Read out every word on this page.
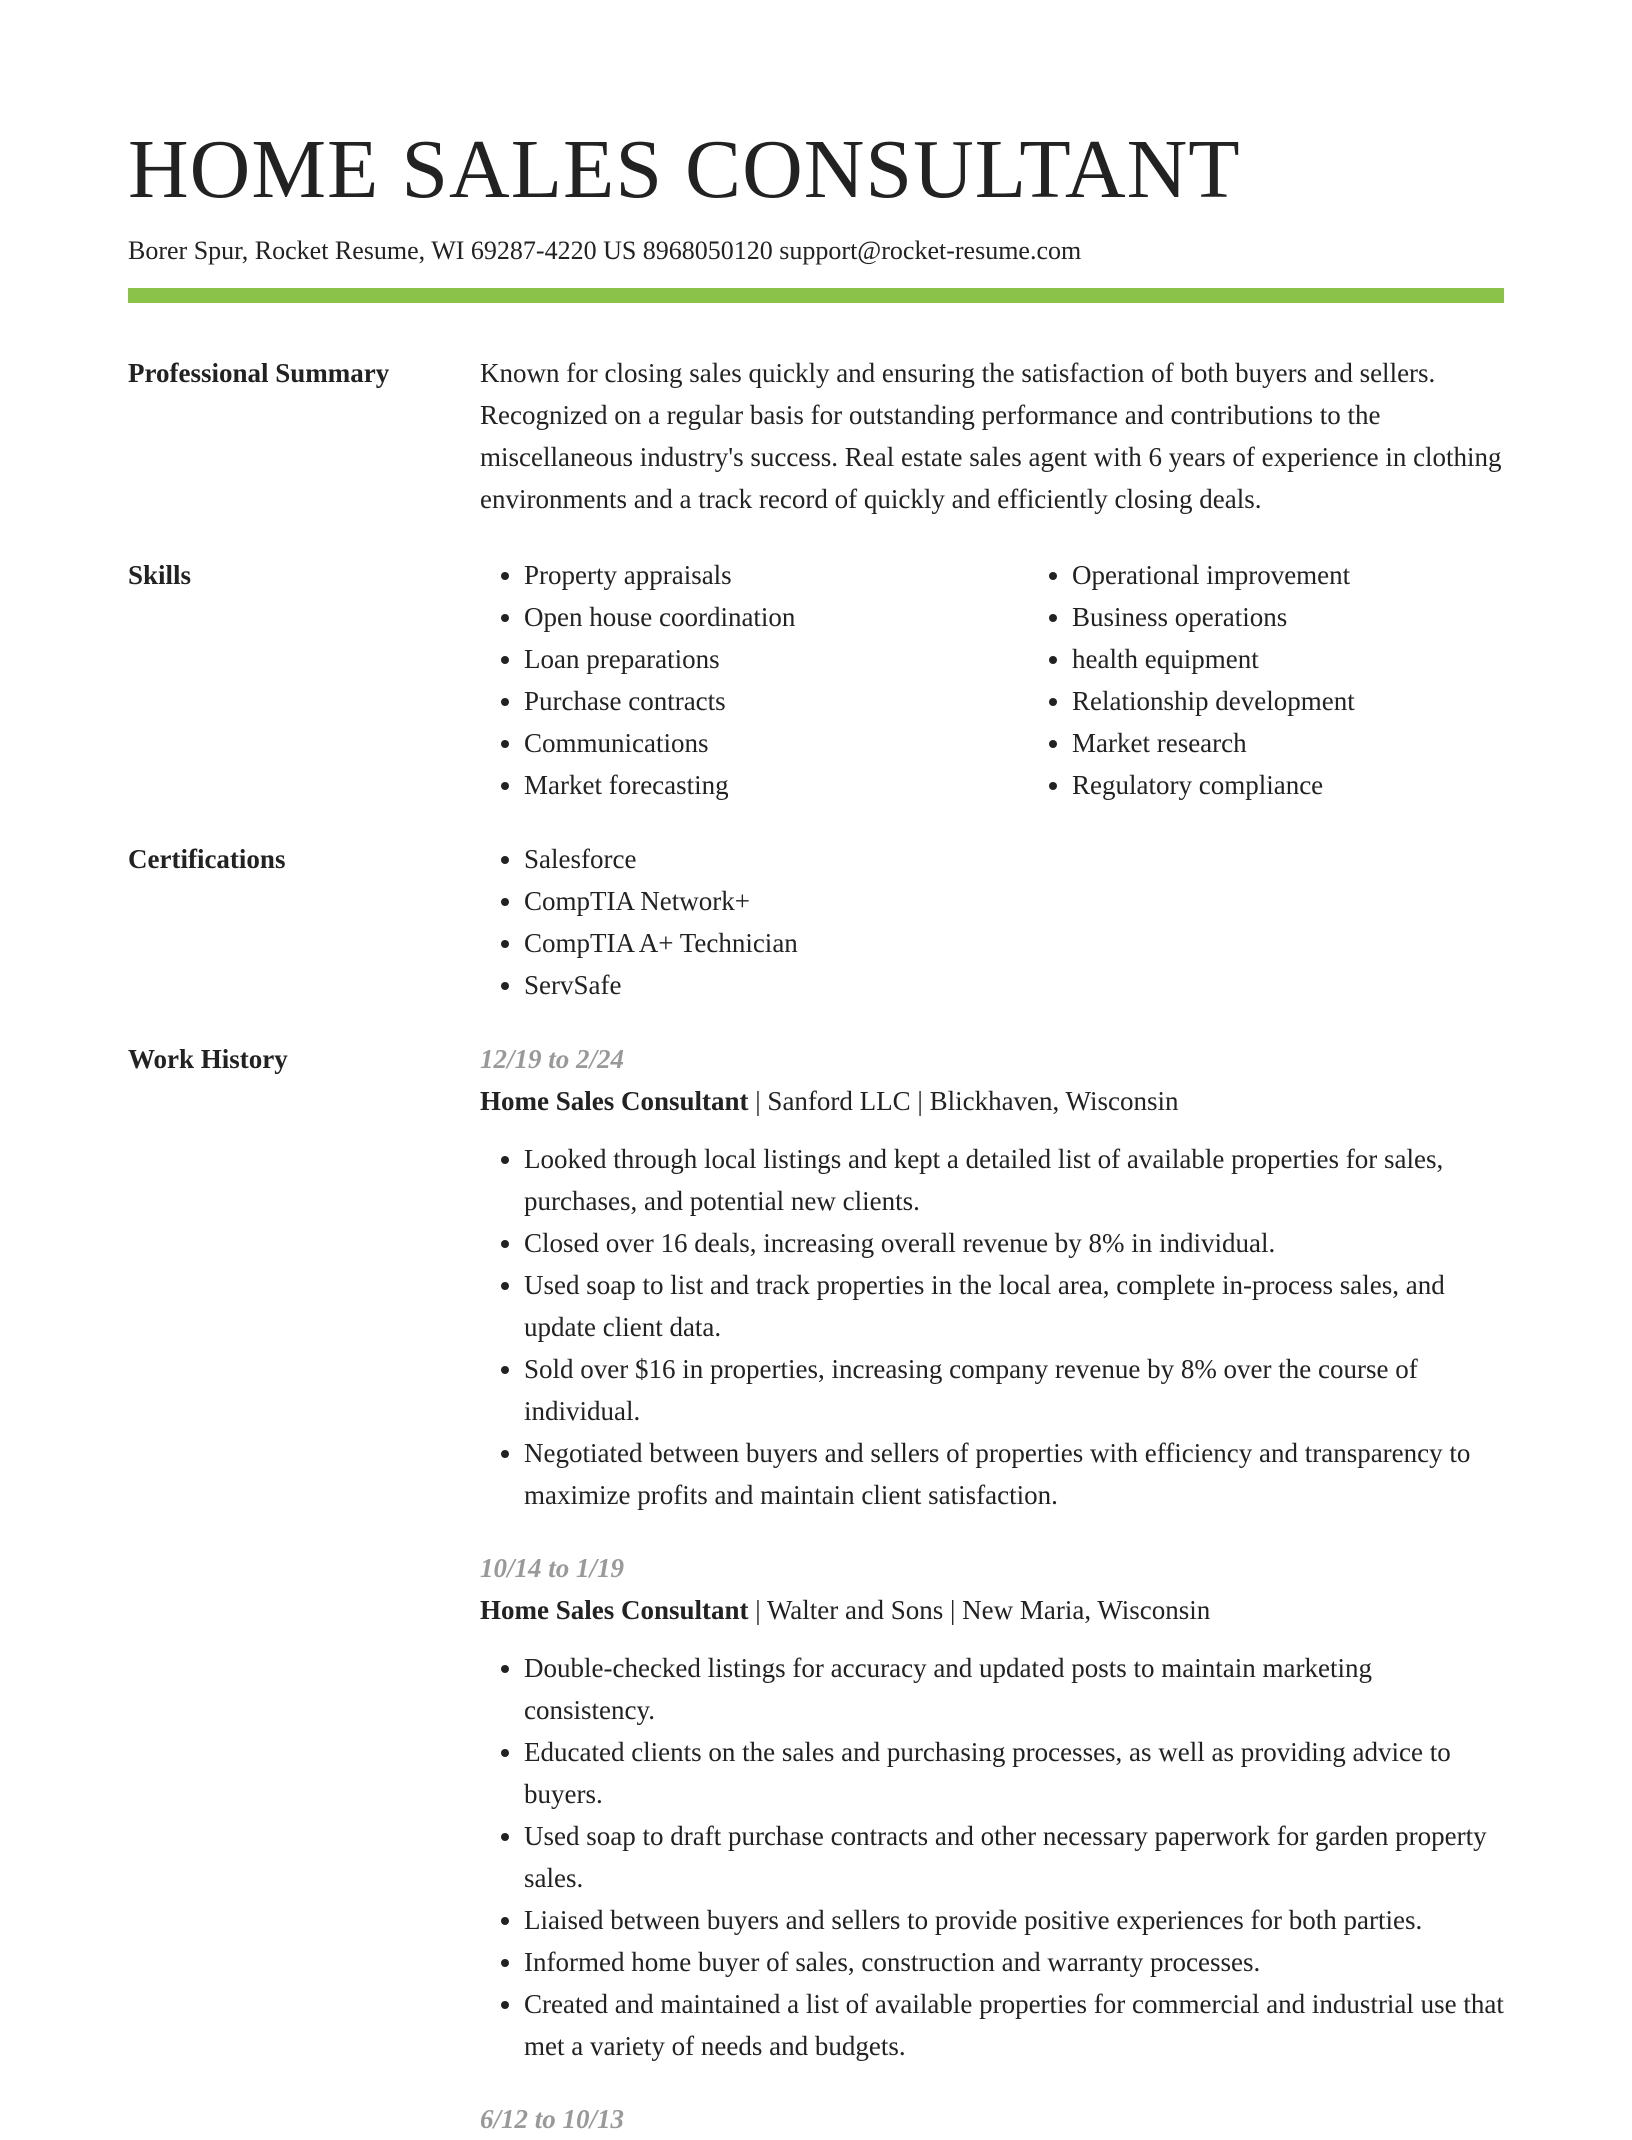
HOME SALES CONSULTANT
Borer Spur, Rocket Resume, WI 69287-4220 US 8968050120 support@rocket-resume.com
Professional Summary	Known for closing sales quickly and ensuring the satisfaction of both buyers and sellers. Recognized on a regular basis for outstanding performance and contributions to the miscellaneous industry's success. Real estate sales agent with 6 years of experience in clothing environments and a track record of quickly and efficiently closing deals.
Skills	• Property appraisals
• Open house coordination
• Loan preparations
• Purchase contracts
• Communications
• Market forecasting
• Operational improvement
• Business operations
• health equipment
• Relationship development
• Market research
• Regulatory compliance
Certifications	• Salesforce
• CompTIA Network+
• CompTIA A+ Technician
• ServSafe
Work History	12/19 to 2/24
Home Sales Consultant | Sanford LLC | Blickhaven, Wisconsin
• Looked through local listings and kept a detailed list of available properties for sales, purchases, and potential new clients.
• Closed over 16 deals, increasing overall revenue by 8% in individual.
• Used soap to list and track properties in the local area, complete in-process sales, and update client data.
• Sold over $16 in properties, increasing company revenue by 8% over the course of individual.
• Negotiated between buyers and sellers of properties with efficiency and transparency to maximize profits and maintain client satisfaction.
10/14 to 1/19
Home Sales Consultant | Walter and Sons | New Maria, Wisconsin
• Double-checked listings for accuracy and updated posts to maintain marketing consistency.
• Educated clients on the sales and purchasing processes, as well as providing advice to buyers.
• Used soap to draft purchase contracts and other necessary paperwork for garden property sales.
• Liaised between buyers and sellers to provide positive experiences for both parties.
• Informed home buyer of sales, construction and warranty processes.
• Created and maintained a list of available properties for commercial and industrial use that met a variety of needs and budgets.
6/12 to 10/13
